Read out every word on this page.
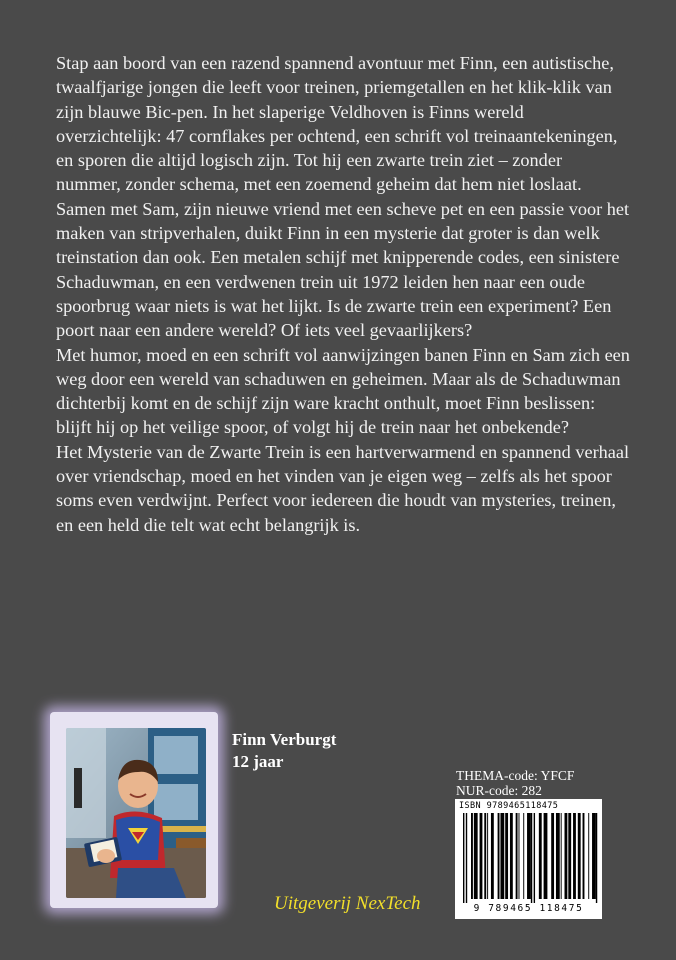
Stap aan boord van een razend spannend avontuur met Finn, een autistische, twaalfjarige jongen die leeft voor treinen, priemgetallen en het klik-klik van zijn blauwe Bic-pen. In het slaperige Veldhoven is Finns wereld overzichtelijk: 47 cornflakes per ochtend, een schrift vol treinaantekeningen, en sporen die altijd logisch zijn. Tot hij een zwarte trein ziet – zonder nummer, zonder schema, met een zoemend geheim dat hem niet loslaat. Samen met Sam, zijn nieuwe vriend met een scheve pet en een passie voor het maken van stripverhalen, duikt Finn in een mysterie dat groter is dan welk treinstation dan ook. Een metalen schijf met knipperende codes, een sinistere Schaduwman, en een verdwenen trein uit 1972 leiden hen naar een oude spoorbrug waar niets is wat het lijkt. Is de zwarte trein een experiment? Een poort naar een andere wereld? Of iets veel gevaarlijkers?

Met humor, moed en een schrift vol aanwijzingen banen Finn en Sam zich een weg door een wereld van schaduwen en geheimen. Maar als de Schaduwman dichterbij komt en de schijf zijn ware kracht onthult, moet Finn beslissen: blijft hij op het veilige spoor, of volgt hij de trein naar het onbekende?

Het Mysterie van de Zwarte Trein is een hartverwarmend en spannend verhaal over vriendschap, moed en het vinden van je eigen weg – zelfs als het spoor soms even verdwijnt. Perfect voor iedereen die houdt van mysteries, treinen, en een held die telt wat echt belangrijk is.

Finn Verburgt
12 jaar
Uitgeverij NexTech
THEMA-code: YFCF
NUR-code: 282
ISBN 9789465118475
9 789465 118475
